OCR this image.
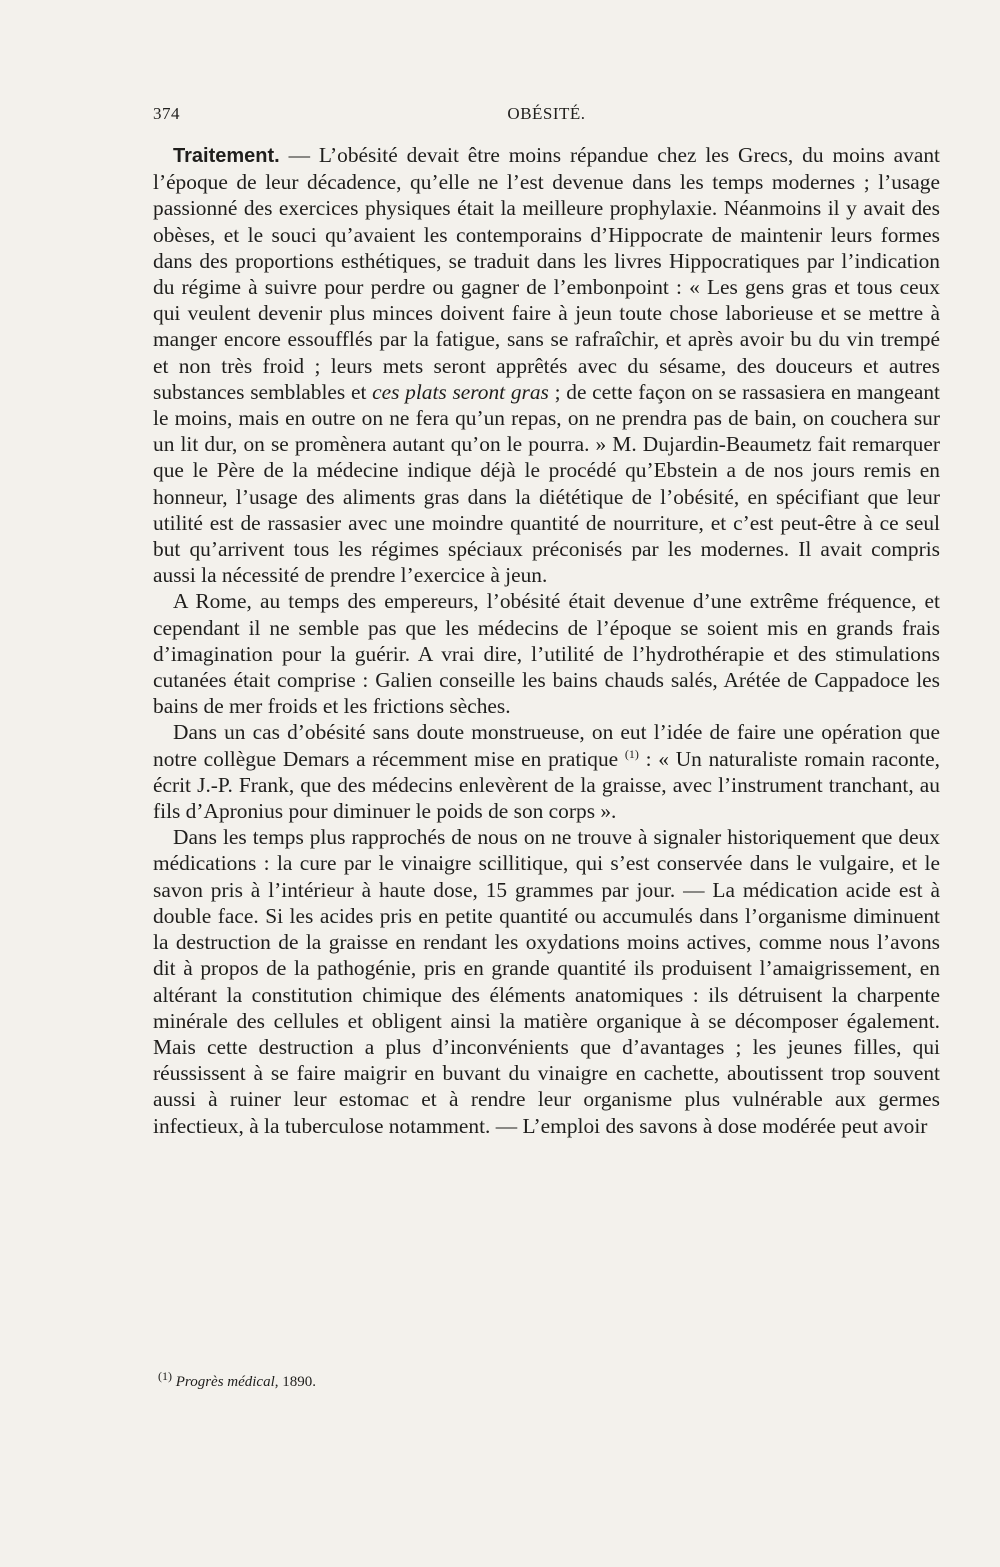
374	OBÉSITÉ.

Traitement. — L’obésité devait être moins répandue chez les Grecs, du moins avant l’époque de leur décadence, qu’elle ne l’est devenue dans les temps modernes ; l’usage passionné des exercices physiques était la meilleure prophylaxie. Néanmoins il y avait des obèses, et le souci qu’avaient les contemporains d’Hippocrate de maintenir leurs formes dans des proportions esthétiques, se traduit dans les livres Hippocratiques par l’indication du régime à suivre pour perdre ou gagner de l’embonpoint : « Les gens gras et tous ceux qui veulent devenir plus minces doivent faire à jeun toute chose laborieuse et se mettre à manger encore essoufflés par la fatigue, sans se rafraîchir, et après avoir bu du vin trempé et non très froid ; leurs mets seront apprêtés avec du sésame, des douceurs et autres substances semblables et ces plats seront gras ; de cette façon on se rassasiera en mangeant le moins, mais en outre on ne fera qu’un repas, on ne prendra pas de bain, on couchera sur un lit dur, on se promènera autant qu’on le pourra. » M. Dujardin-Beaumetz fait remarquer que le Père de la médecine indique déjà le procédé qu’Ebstein a de nos jours remis en honneur, l’usage des aliments gras dans la diététique de l’obésité, en spécifiant que leur utilité est de rassasier avec une moindre quantité de nourriture, et c’est peut-être à ce seul but qu’arrivent tous les régimes spéciaux préconisés par les modernes. Il avait compris aussi la nécessité de prendre l’exercice à jeun.

A Rome, au temps des empereurs, l’obésité était devenue d’une extrême fréquence, et cependant il ne semble pas que les médecins de l’époque se soient mis en grands frais d’imagination pour la guérir. A vrai dire, l’utilité de l’hydrothérapie et des stimulations cutanées était comprise : Galien conseille les bains chauds salés, Arétée de Cappadoce les bains de mer froids et les frictions sèches.

Dans un cas d’obésité sans doute monstrueuse, on eut l’idée de faire une opération que notre collègue Demars a récemment mise en pratique $^{(1)}$ : « Un naturaliste romain raconte, écrit J.-P. Frank, que des médecins enlevèrent de la graisse, avec l’instrument tranchant, au fils d’Apronius pour diminuer le poids de son corps ».

Dans les temps plus rapprochés de nous on ne trouve à signaler historiquement que deux médications : la cure par le vinaigre scillitique, qui s’est conservée dans le vulgaire, et le savon pris à l’intérieur à haute dose, 15 grammes par jour. — La médication acide est à double face. Si les acides pris en petite quantité ou accumulés dans l’organisme diminuent la destruction de la graisse en rendant les oxydations moins actives, comme nous l’avons dit à propos de la pathogénie, pris en grande quantité ils produisent l’amaigrissement, en altérant la constitution chimique des éléments anatomiques : ils détruisent la charpente minérale des cellules et obligent ainsi la matière organique à se décomposer également. Mais cette destruction a plus d’inconvénients que d’avantages ; les jeunes filles, qui réussissent à se faire maigrir en buvant du vinaigre en cachette, aboutissent trop souvent aussi à ruiner leur estomac et à rendre leur organisme plus vulnérable aux germes infectieux, à la tuberculose notamment. — L’emploi des savons à dose modérée peut avoir

$^{(1)}$ Progrès médical, 1890.
